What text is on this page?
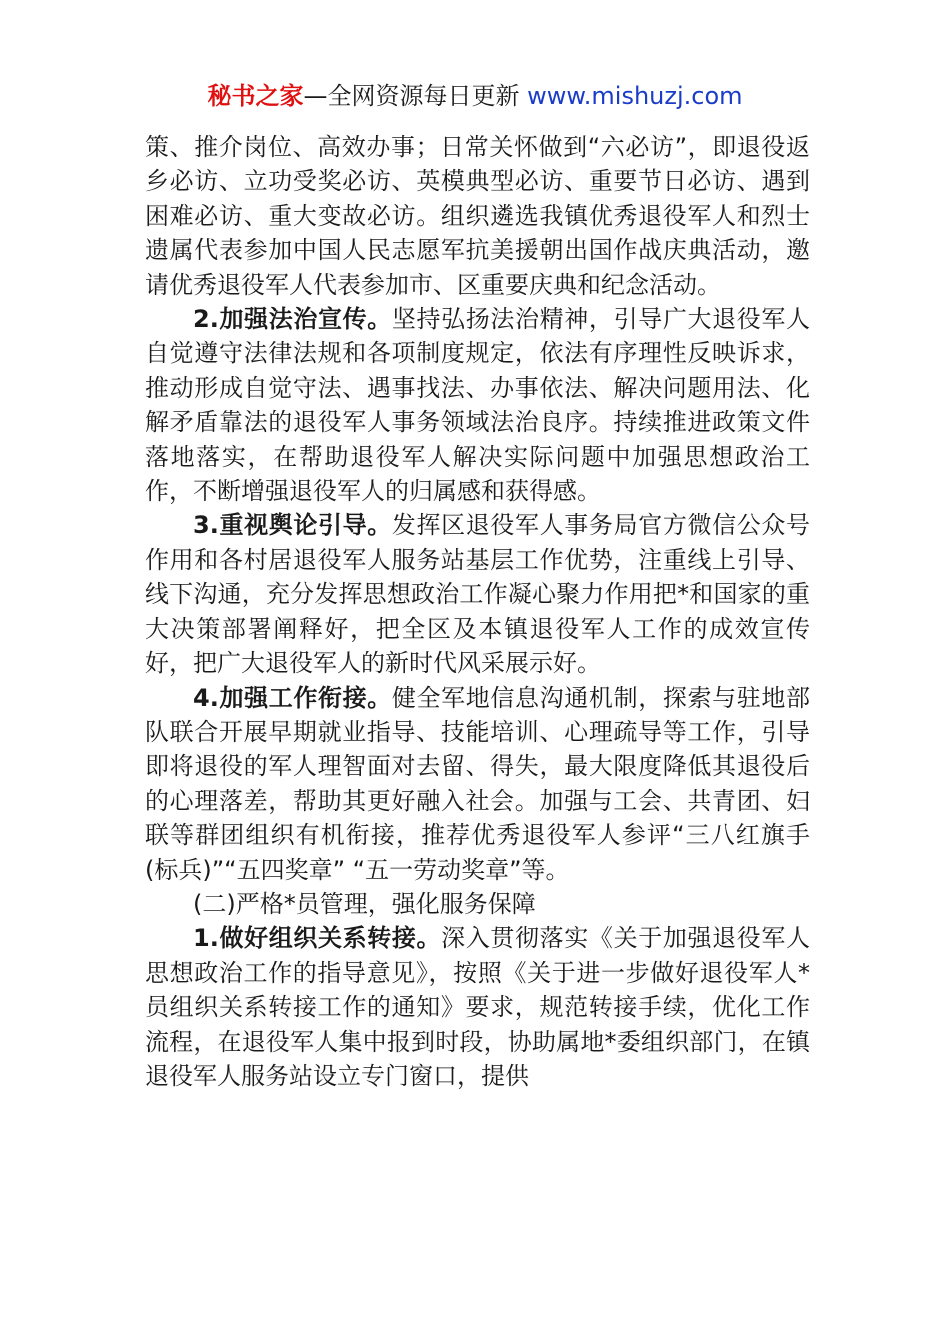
秘书之家—全网资源每日更新 www.mishuzj.com

策、推介岗位、高效办事；日常关怀做到“六必访”，即退役返乡必访、立功受奖必访、英模典型必访、重要节日必访、遇到困难必访、重大变故必访。组织遴选我镇优秀退役军人和烈士遗属代表参加中国人民志愿军抗美援朝出国作战庆典活动，邀请优秀退役军人代表参加市、区重要庆典和纪念活动。

2.加强法治宣传。坚持弘扬法治精神，引导广大退役军人自觉遵守法律法规和各项制度规定，依法有序理性反映诉求，推动形成自觉守法、遇事找法、办事依法、解决问题用法、化解矛盾靠法的退役军人事务领域法治良序。持续推进政策文件落地落实，在帮助退役军人解决实际问题中加强思想政治工作，不断增强退役军人的归属感和获得感。

3.重视舆论引导。发挥区退役军人事务局官方微信公众号作用和各村居退役军人服务站基层工作优势，注重线上引导、线下沟通，充分发挥思想政治工作凝心聚力作用把*和国家的重大决策部署阐释好，把全区及本镇退役军人工作的成效宣传好，把广大退役军人的新时代风采展示好。

4.加强工作衔接。健全军地信息沟通机制，探索与驻地部队联合开展早期就业指导、技能培训、心理疏导等工作，引导即将退役的军人理智面对去留、得失，最大限度降低其退役后的心理落差，帮助其更好融入社会。加强与工会、共青团、妇联等群团组织有机衔接，推荐优秀退役军人参评“三八红旗手(标兵)”“五四奖章” “五一劳动奖章”等。

(二)严格*员管理，强化服务保障

1.做好组织关系转接。深入贯彻落实《关于加强退役军人思想政治工作的指导意见》，按照《关于进一步做好退役军人*员组织关系转接工作的通知》要求，规范转接手续，优化工作流程，在退役军人集中报到时段，协助属地*委组织部门，在镇退役军人服务站设立专门窗口，提供
